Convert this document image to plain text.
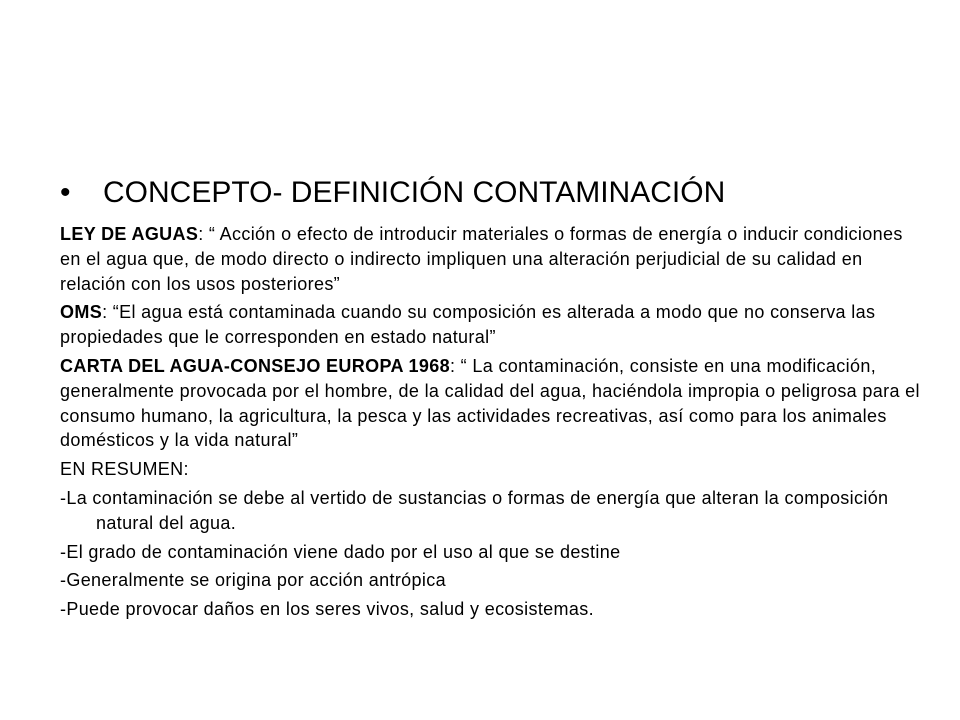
• CONCEPTO- DEFINICIÓN CONTAMINACIÓN

LEY DE AGUAS: “ Acción o efecto de introducir materiales o formas de energía o inducir condiciones en el agua que, de modo directo o indirecto impliquen una alteración perjudicial de su calidad en relación con los usos posteriores”

OMS: “El agua está contaminada cuando su composición es alterada a modo que no conserva las propiedades que le corresponden en estado natural”

CARTA DEL AGUA-CONSEJO EUROPA 1968: “ La contaminación, consiste en una modificación, generalmente provocada por el hombre, de la calidad del agua, haciéndola impropia o peligrosa para el consumo humano, la agricultura, la pesca y las actividades recreativas, así como para los animales domésticos y la vida natural”

EN RESUMEN:

-La contaminación se debe al vertido de sustancias o formas de energía que alteran la composición natural del agua.

-El grado de contaminación viene dado por el uso al que se destine

-Generalmente se origina por acción antrópica

-Puede provocar daños en los seres vivos, salud y ecosistemas.
